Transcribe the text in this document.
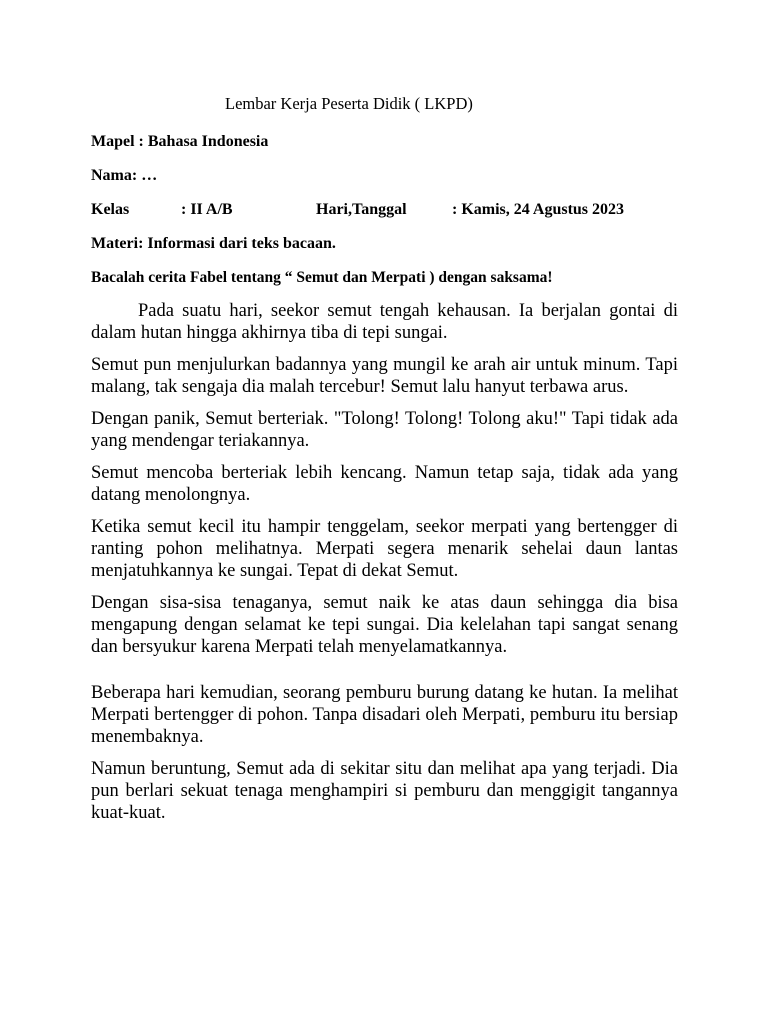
Lembar Kerja Peserta Didik ( LKPD)
Mapel : Bahasa Indonesia
Nama: …
Kelas	: II A/B	Hari,Tanggal	: Kamis, 24 Agustus 2023
Materi: Informasi dari teks bacaan.
Bacalah cerita Fabel tentang “ Semut dan Merpati ) dengan saksama!

Pada suatu hari, seekor semut tengah kehausan. Ia berjalan gontai di dalam hutan hingga akhirnya tiba di tepi sungai.

Semut pun menjulurkan badannya yang mungil ke arah air untuk minum. Tapi malang, tak sengaja dia malah tercebur! Semut lalu hanyut terbawa arus.

Dengan panik, Semut berteriak. "Tolong! Tolong! Tolong aku!" Tapi tidak ada yang mendengar teriakannya.

Semut mencoba berteriak lebih kencang. Namun tetap saja, tidak ada yang datang menolongnya.

Ketika semut kecil itu hampir tenggelam, seekor merpati yang bertengger di ranting pohon melihatnya. Merpati segera menarik sehelai daun lantas menjatuhkannya ke sungai. Tepat di dekat Semut.

Dengan sisa-sisa tenaganya, semut naik ke atas daun sehingga dia bisa mengapung dengan selamat ke tepi sungai. Dia kelelahan tapi sangat senang dan bersyukur karena Merpati telah menyelamatkannya.

Beberapa hari kemudian, seorang pemburu burung datang ke hutan. Ia melihat Merpati bertengger di pohon. Tanpa disadari oleh Merpati, pemburu itu bersiap menembaknya.

Namun beruntung, Semut ada di sekitar situ dan melihat apa yang terjadi. Dia pun berlari sekuat tenaga menghampiri si pemburu dan menggigit tangannya kuat-kuat.
